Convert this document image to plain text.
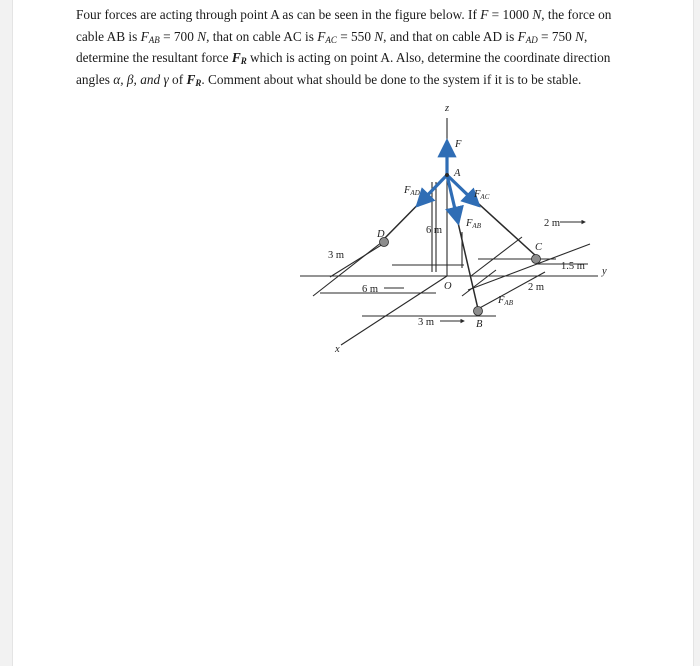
Four forces are acting through point A as can be seen in the figure below. If F = 1000 N, the force on cable AB is $F_{AB} = 700$ N, that on cable AC is $F_{AC} = 550$ N, and that on cable AD is $F_{AD} = 750$ N, determine the resultant force $F_R$ which is acting on point A. Also, determine the coordinate direction angles α, β, and γ of $F_R$. Comment about what should be done to the system if it is to be stable.

z
y
x
A
B
C
D
O
F
FAC
FAD
FAB
FAB
6 m
2 m
1.5 m
3 m
6 m
3 m
2 m
